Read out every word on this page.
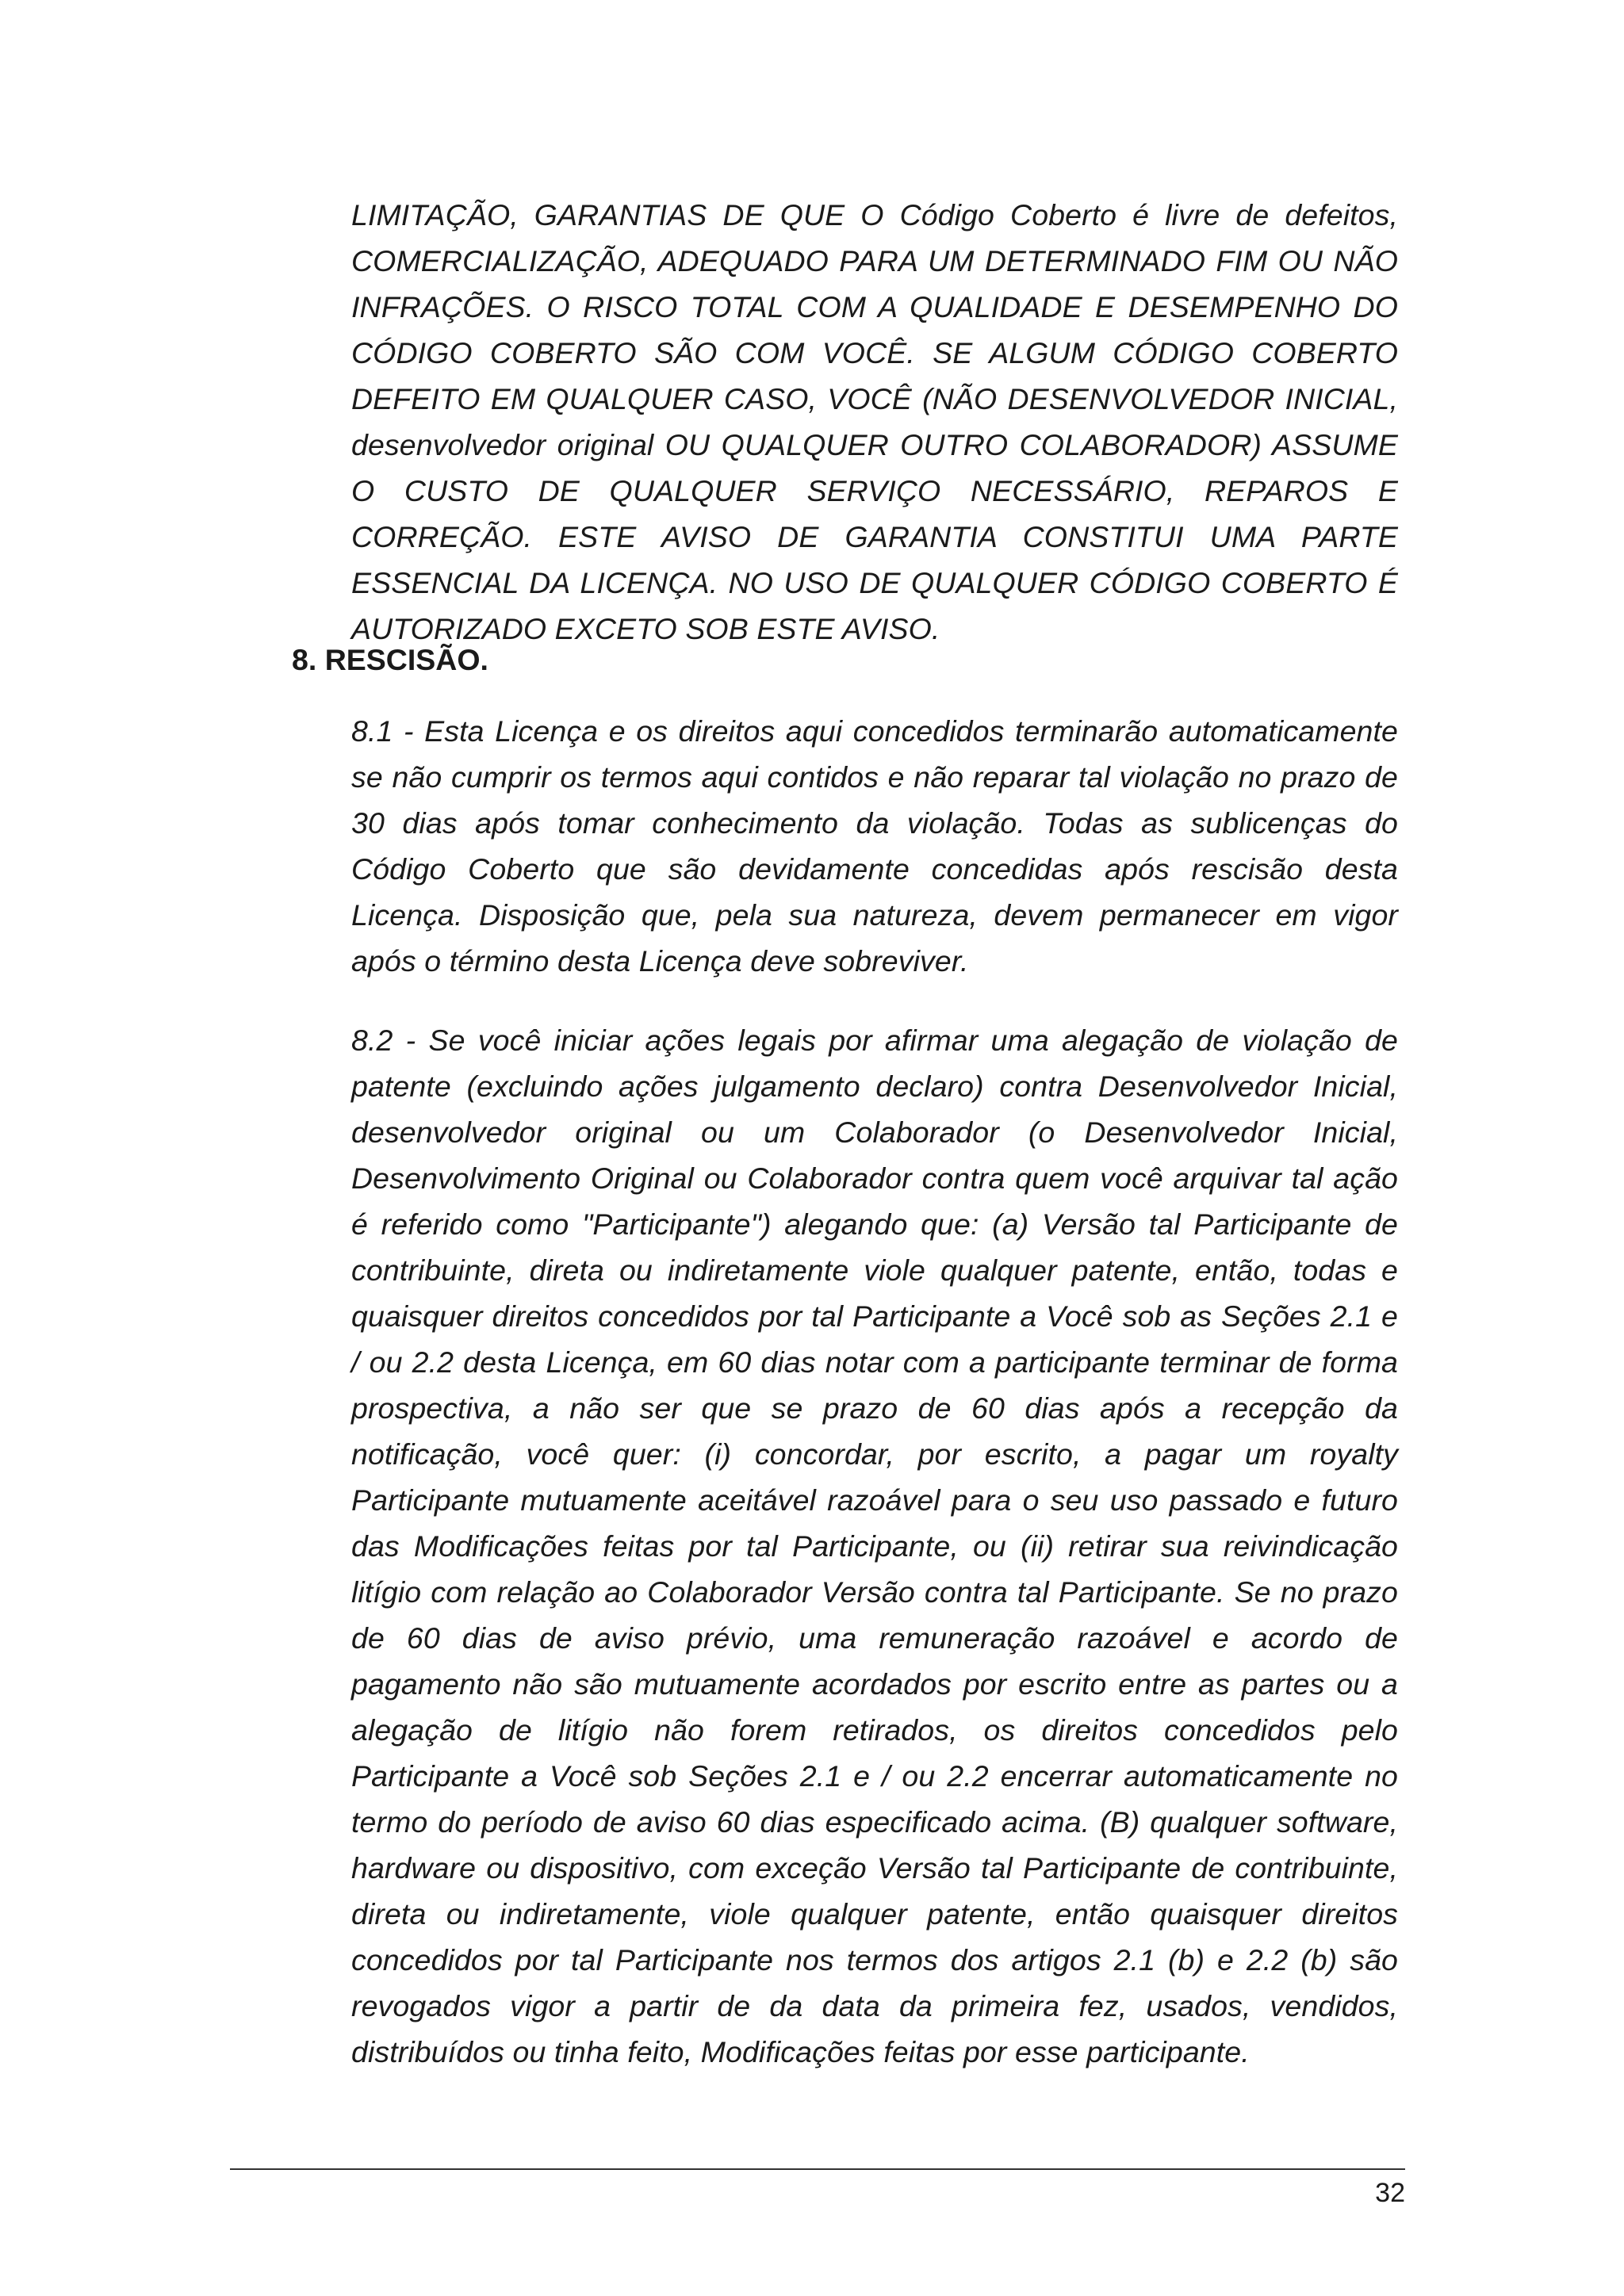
LIMITAÇÃO, GARANTIAS DE QUE O Código Coberto é livre de defeitos, COMERCIALIZAÇÃO, ADEQUADO PARA UM DETERMINADO FIM OU NÃO INFRAÇÕES. O RISCO TOTAL COM A QUALIDADE E DESEMPENHO DO CÓDIGO COBERTO SÃO COM VOCÊ. SE ALGUM CÓDIGO COBERTO DEFEITO EM QUALQUER CASO, VOCÊ (NÃO DESENVOLVEDOR INICIAL, desenvolvedor original OU QUALQUER OUTRO COLABORADOR) ASSUME O CUSTO DE QUALQUER SERVIÇO NECESSÁRIO, REPAROS E CORREÇÃO. ESTE AVISO DE GARANTIA CONSTITUI UMA PARTE ESSENCIAL DA LICENÇA. NO USO DE QUALQUER CÓDIGO COBERTO É AUTORIZADO EXCETO SOB ESTE AVISO.

8. RESCISÃO.

8.1 - Esta Licença e os direitos aqui concedidos terminarão automaticamente se não cumprir os termos aqui contidos e não reparar tal violação no prazo de 30 dias após tomar conhecimento da violação. Todas as sublicenças do Código Coberto que são devidamente concedidas após rescisão desta Licença. Disposição que, pela sua natureza, devem permanecer em vigor após o término desta Licença deve sobreviver.

8.2 - Se você iniciar ações legais por afirmar uma alegação de violação de patente (excluindo ações julgamento declaro) contra Desenvolvedor Inicial, desenvolvedor original ou um Colaborador (o Desenvolvedor Inicial, Desenvolvimento Original ou Colaborador contra quem você arquivar tal ação é referido como "Participante") alegando que: (a) Versão tal Participante de contribuinte, direta ou indiretamente viole qualquer patente, então, todas e quaisquer direitos concedidos por tal Participante a Você sob as Seções 2.1 e / ou 2.2 desta Licença, em 60 dias notar com a participante terminar de forma prospectiva, a não ser que se prazo de 60 dias após a recepção da notificação, você quer: (i) concordar, por escrito, a pagar um royalty Participante mutuamente aceitável razoável para o seu uso passado e futuro das Modificações feitas por tal Participante, ou (ii) retirar sua reivindicação litígio com relação ao Colaborador Versão contra tal Participante. Se no prazo de 60 dias de aviso prévio, uma remuneração razoável e acordo de pagamento não são mutuamente acordados por escrito entre as partes ou a alegação de litígio não forem retirados, os direitos concedidos pelo Participante a Você sob Seções 2.1 e / ou 2.2 encerrar automaticamente no termo do período de aviso 60 dias especificado acima. (B) qualquer software, hardware ou dispositivo, com exceção Versão tal Participante de contribuinte, direta ou indiretamente, viole qualquer patente, então quaisquer direitos concedidos por tal Participante nos termos dos artigos 2.1 (b) e 2.2 (b) são revogados vigor a partir de da data da primeira fez, usados, vendidos, distribuídos ou tinha feito, Modificações feitas por esse participante.

32
